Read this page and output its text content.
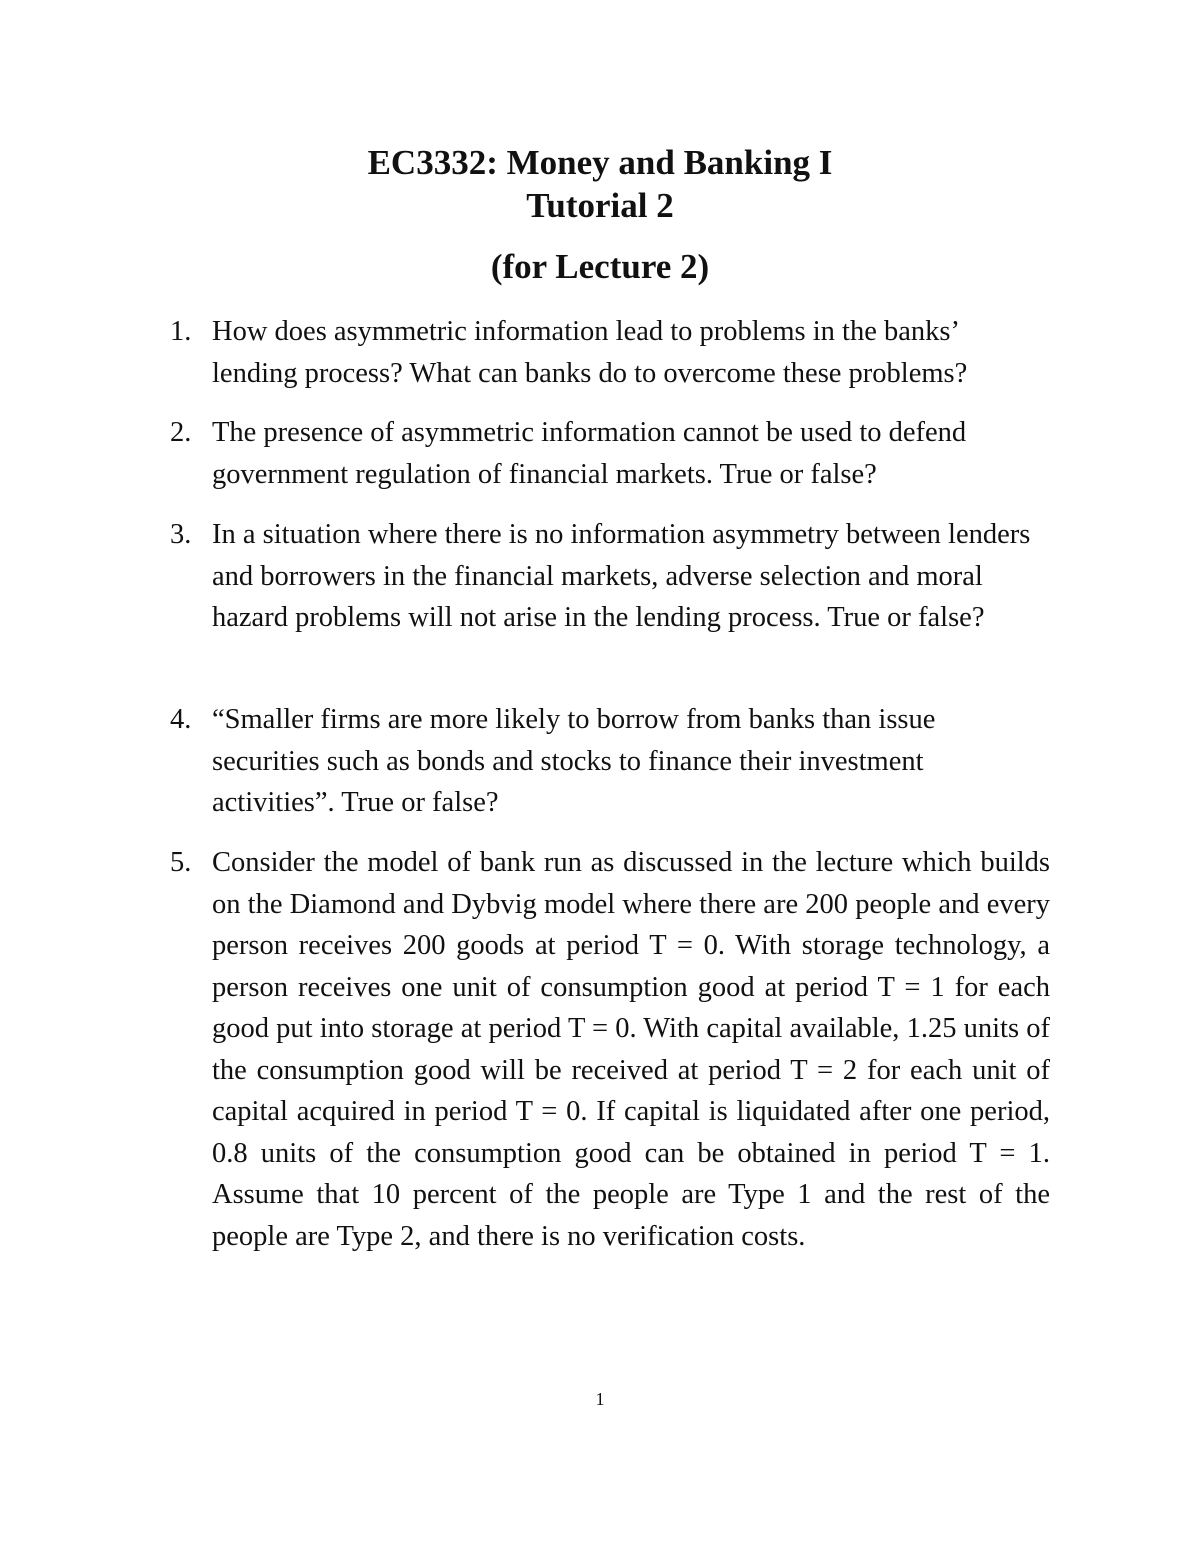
EC3332: Money and Banking I
Tutorial 2
(for Lecture 2)
1. How does asymmetric information lead to problems in the banks’ lending process? What can banks do to overcome these problems?
2. The presence of asymmetric information cannot be used to defend government regulation of financial markets. True or false?
3. In a situation where there is no information asymmetry between lenders and borrowers in the financial markets, adverse selection and moral hazard problems will not arise in the lending process. True or false?
4. “Smaller firms are more likely to borrow from banks than issue securities such as bonds and stocks to finance their investment activities”. True or false?
5. Consider the model of bank run as discussed in the lecture which builds on the Diamond and Dybvig model where there are 200 people and every person receives 200 goods at period T = 0. With storage technology, a person receives one unit of consumption good at period T = 1 for each good put into storage at period T = 0. With capital available, 1.25 units of the consumption good will be received at period T = 2 for each unit of capital acquired in period T = 0. If capital is liquidated after one period, 0.8 units of the consumption good can be obtained in period T = 1. Assume that 10 percent of the people are Type 1 and the rest of the people are Type 2, and there is no verification costs.
1
